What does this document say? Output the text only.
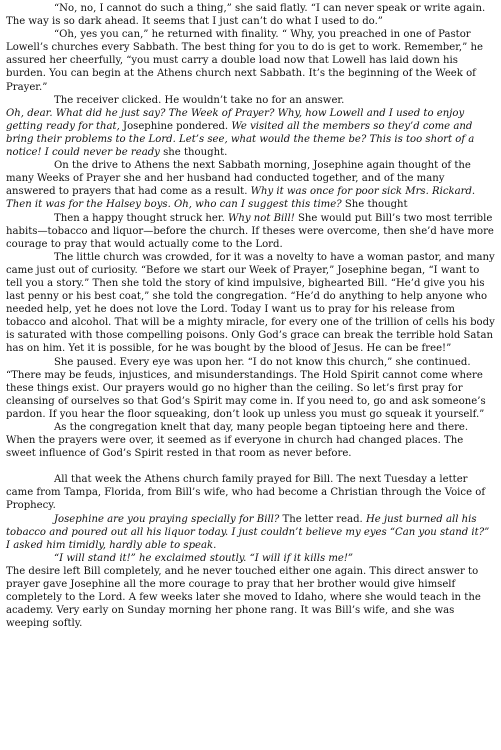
“No, no, I cannot do such a thing,” she said flatly. “I can never speak or write again. The way is so dark ahead. It seems that I just can’t do what I used to do.”

“Oh, yes you can,” he returned with finality. “ Why, you preached in one of Pastor Lowell’s churches every Sabbath. The best thing for you to do is get to work. Remember,” he assured her cheerfully, “you must carry a double load now that Lowell has laid down his burden. You can begin at the Athens church next Sabbath. It’s the beginning of the Week of Prayer.”

The receiver clicked. He wouldn’t take no for an answer.

Oh, dear. What did he just say? The Week of Prayer? Why, how Lowell and I used to enjoy getting ready for that, Josephine pondered. We visited all the members so they’d come and bring their problems to the Lord. Let’s see, what would the theme be? This is too short of a notice! I could never be ready she thought.

On the drive to Athens the next Sabbath morning, Josephine again thought of the many Weeks of Prayer she and her husband had conducted together, and of the many answered to prayers that had come as a result. Why it was once for poor sick Mrs. Rickard. Then it was for the Halsey boys. Oh, who can I suggest this time? She thought

Then a happy thought struck her. Why not Bill! She would put Bill’s two most terrible habits—tobacco and liquor—before the church. If theses were overcome, then she’d have more courage to pray that would actually come to the Lord.

The little church was crowded, for it was a novelty to have a woman pastor, and many came just out of curiosity. “Before we start our Week of Prayer,” Josephine began, “I want to tell you a story.” Then she told the story of kind impulsive, bighearted Bill. “He’d give you his last penny or his best coat,” she told the congregation. “He’d do anything to help anyone who needed help, yet he does not love the Lord. Today I want us to pray for his release from tobacco and alcohol. That will be a mighty miracle, for every one of the trillion of cells his body is saturated with those compelling poisons. Only God’s grace can break the terrible hold Satan has on him. Yet it is possible, for he was bought by the blood of Jesus. He can be free!”

She paused. Every eye was upon her. “I do not know this church,” she continued. “There may be feuds, injustices, and misunderstandings. The Hold Spirit cannot come where these things exist. Our prayers would go no higher than the ceiling. So let’s first pray for cleansing of ourselves so that God’s Spirit may come in. If you need to, go and ask someone’s pardon. If you hear the floor squeaking, don’t look up unless you must go squeak it yourself.”

As the congregation knelt that day, many people began tiptoeing here and there. When the prayers were over, it seemed as if everyone in church had changed places. The sweet influence of God’s Spirit rested in that room as never before.

All that week the Athens church family prayed for Bill. The next Tuesday a letter came from Tampa, Florida, from Bill’s wife, who had become a Christian through the Voice of Prophecy.

Josephine are you praying specially for Bill? The letter read. He just burned all his tobacco and poured out all his liquor today. I just couldn’t believe my eyes “Can you stand it?” I asked him timidly, hardly able to speak.

“I will stand it!” he exclaimed stoutly. “I will if it kills me!”

The desire left Bill completely, and he never touched either one again. This direct answer to prayer gave Josephine all the more courage to pray that her brother would give himself completely to the Lord. A few weeks later she moved to Idaho, where she would teach in the academy. Very early on Sunday morning her phone rang. It was Bill’s wife, and she was weeping softly.
